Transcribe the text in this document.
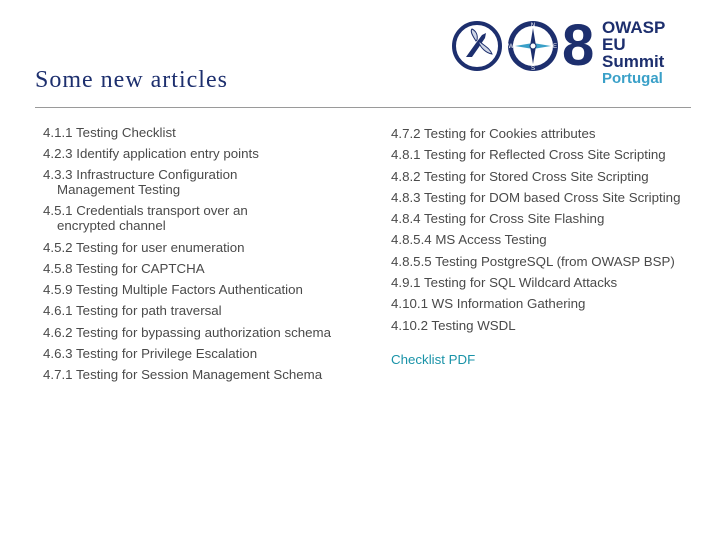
N
E
S
W 8 OWASP
EU Summit
Portugal
Some new articles
4.1.1 Testing Checklist
4.2.3 Identify application entry points
4.3.3 Infrastructure Configuration
Management Testing
4.5.1 Credentials transport over an
encrypted channel
4.5.2 Testing for user enumeration
4.5.8 Testing for CAPTCHA
4.5.9 Testing Multiple Factors Authentication
4.6.1 Testing for path traversal
4.6.2 Testing for bypassing authorization schema
4.6.3 Testing for Privilege Escalation
4.7.1 Testing for Session Management Schema
4.7.2 Testing for Cookies attributes
4.8.1 Testing for Reflected Cross Site Scripting
4.8.2 Testing for Stored Cross Site Scripting
4.8.3 Testing for DOM based Cross Site Scripting
4.8.4 Testing for Cross Site Flashing
4.8.5.4 MS Access Testing
4.8.5.5 Testing PostgreSQL (from OWASP BSP)
4.9.1 Testing for SQL Wildcard Attacks
4.10.1 WS Information Gathering
4.10.2 Testing WSDL
Checklist PDF
